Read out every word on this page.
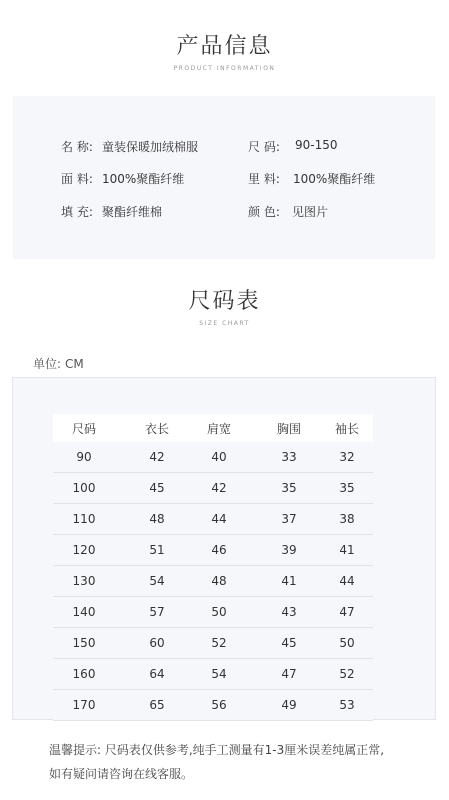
产品信息
PRODUCT INFORMATION
名 称: 童装保暖加绒棉服	尺 码: 90-150
面 料: 100%聚酯纤维	里 料: 100%聚酯纤维
填 充: 聚酯纤维棉	颜 色: 见图片
尺码表
SIZE CHART
单位: CM
尺码	衣长	肩宽	胸围	袖长
90	42	40	33	32
100	45	42	35	35
110	48	44	37	38
120	51	46	39	41
130	54	48	41	44
140	57	50	43	47
150	60	52	45	50
160	64	54	47	52
170	65	56	49	53
温馨提示: 尺码表仅供参考,纯手工测量有1-3厘米误差纯属正常,
如有疑问请咨询在线客服。
